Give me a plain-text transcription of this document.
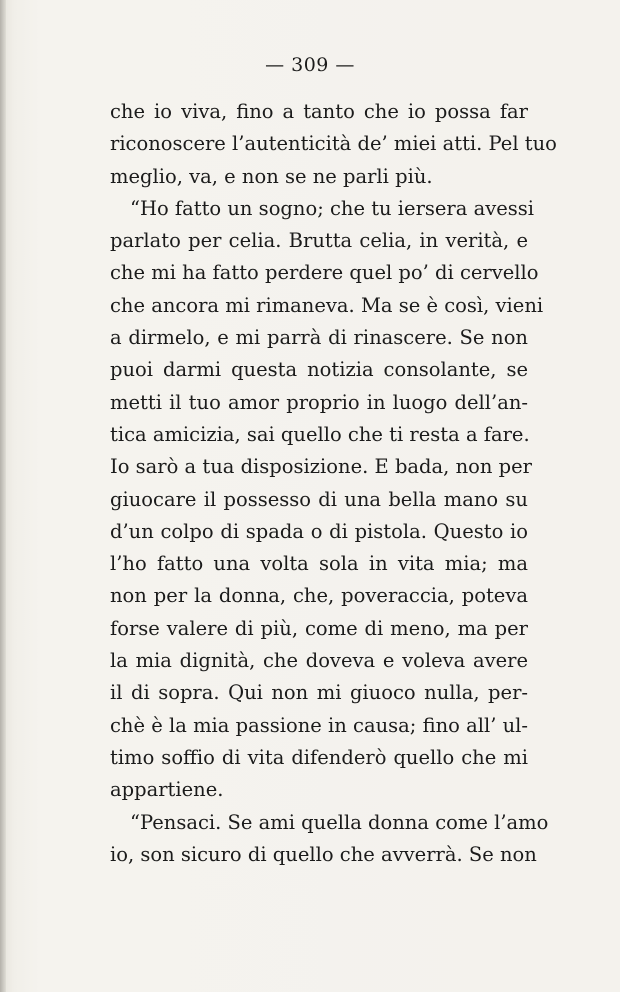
— 309 —
che io viva, fino a tanto che io possa far
riconoscere l’autenticità de’ miei atti. Pel tuo
meglio, va, e non se ne parli più.
“Ho fatto un sogno; che tu iersera avessi
parlato per celia. Brutta celia, in verità, e
che mi ha fatto perdere quel po’ di cervello
che ancora mi rimaneva. Ma se è così, vieni
a dirmelo, e mi parrà di rinascere. Se non
puoi darmi questa notizia consolante, se
metti il tuo amor proprio in luogo dell’an-
tica amicizia, sai quello che ti resta a fare.
Io sarò a tua disposizione. E bada, non per
giuocare il possesso di una bella mano su
d’un colpo di spada o di pistola. Questo io
l’ho fatto una volta sola in vita mia; ma
non per la donna, che, poveraccia, poteva
forse valere di più, come di meno, ma per
la mia dignità, che doveva e voleva avere
il di sopra. Qui non mi giuoco nulla, per-
chè è la mia passione in causa; fino all’ ul-
timo soffio di vita difenderò quello che mi
appartiene.
“Pensaci. Se ami quella donna come l’amo
io, son sicuro di quello che avverrà. Se non
